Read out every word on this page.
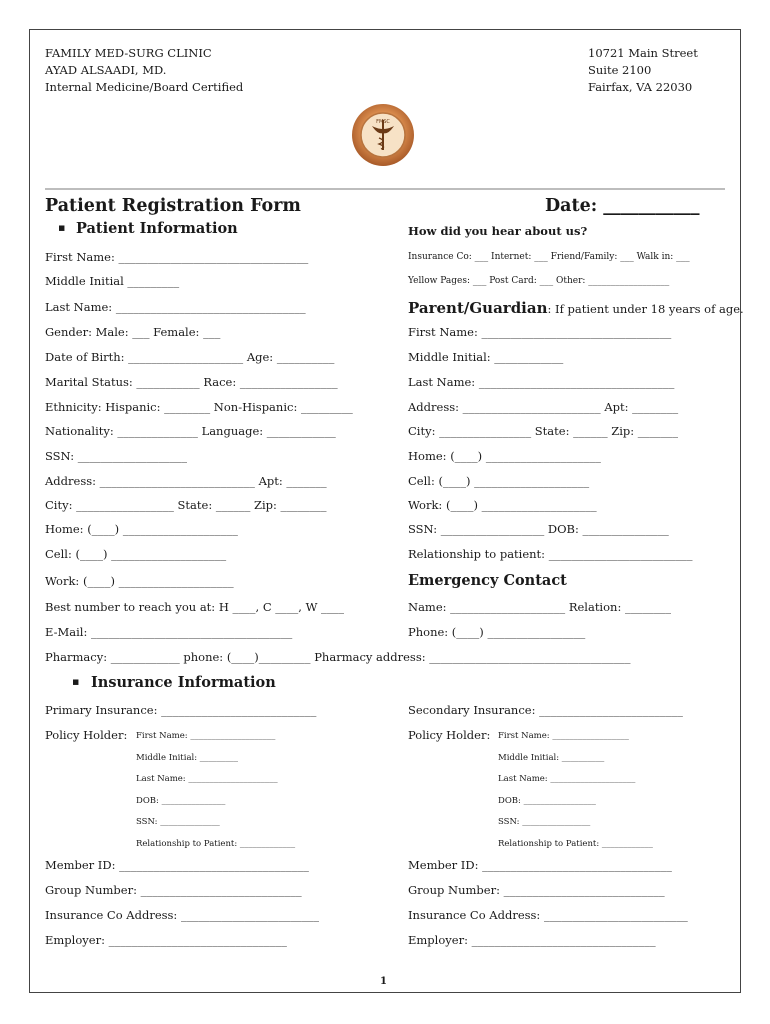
FAMILY MED-SURG CLINIC
AYAD ALSAADI, MD.
Internal Medicine/Board Certified
10721 Main Street
Suite 2100
Fairfax, VA 22030
FMSC
Patient Registration Form	Date: ___________
▪ Patient Information
First Name: _________________________________
Middle Initial _________
Last Name: _________________________________
Gender: Male: ___ Female: ___
Date of Birth: ____________________ Age: __________
Marital Status: ___________ Race: _________________
Ethnicity: Hispanic: ________ Non-Hispanic: _________
Nationality: ______________ Language: ____________
SSN: ___________________
Address: ___________________________ Apt: _______
City: _________________ State: ______ Zip: ________
Home: (____) ____________________
Cell: (____) ____________________
Work: (____) ____________________
Best number to reach you at: H ____, C ____, W ____
E-Mail: ___________________________________
Pharmacy: ____________ phone: (____)_________ Pharmacy address: ___________________________________
How did you hear about us?
Insurance Co: ___ Internet: ___ Friend/Family: ___ Walk in: ___
Yellow Pages: ___ Post Card: ___ Other: __________________
Parent/Guardian: If patient under 18 years of age.
First Name: _________________________________
Middle Initial: ____________
Last Name: __________________________________
Address: ________________________ Apt: ________
City: ________________ State: ______ Zip: _______
Home: (____) ____________________
Cell: (____) ____________________
Work: (____) ____________________
SSN: __________________ DOB: _______________
Relationship to patient: _________________________
Emergency Contact
Name: ____________________ Relation: ________
Phone: (____) _________________
▪ Insurance Information
Primary Insurance: ___________________________
Policy Holder: First Name: ____________________
Middle Initial: _________
Last Name: _____________________
DOB: _______________
SSN: ______________
Relationship to Patient: _____________
Member ID: _________________________________
Group Number: ____________________________
Insurance Co Address: ________________________
Employer: _______________________________
Secondary Insurance: _________________________
Policy Holder: First Name: __________________
Middle Initial: __________
Last Name: ____________________
DOB: _________________
SSN: ________________
Relationship to Patient: ____________
Member ID: _________________________________
Group Number: ____________________________
Insurance Co Address: _________________________
Employer: ________________________________
1
